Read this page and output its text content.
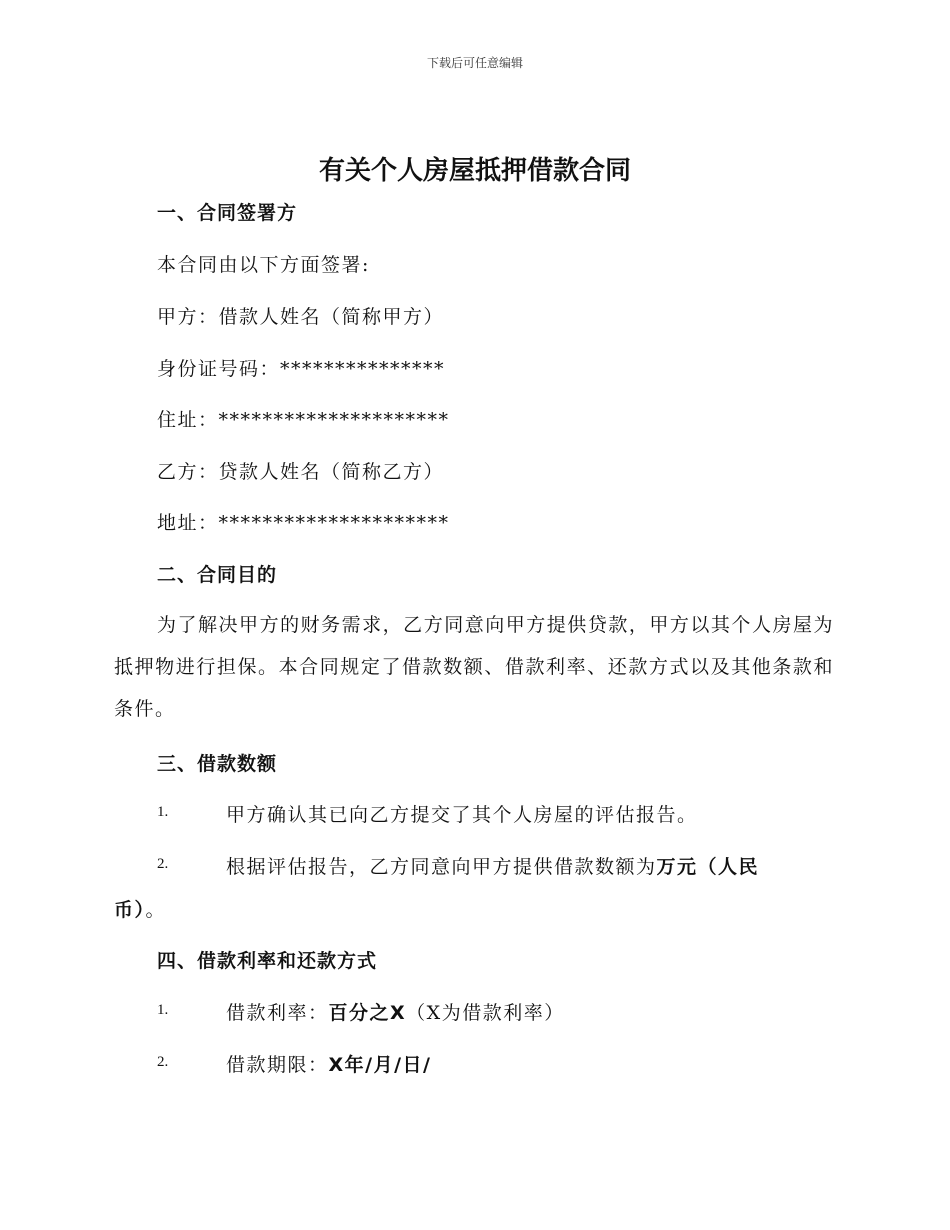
下载后可任意编辑
有关个人房屋抵押借款合同
一、合同签署方
本合同由以下方面签署:
甲方：借款人姓名（简称甲方）
身份证号码：***************
住址：*********************
乙方：贷款人姓名（简称乙方）
地址：*********************
二、合同目的

为了解决甲方的财务需求，乙方同意向甲方提供贷款，甲方以其个人房屋为抵押物进行担保。本合同规定了借款数额、借款利率、还款方式以及其他条款和条件。

三、借款数额
1.	甲方确认其已向乙方提交了其个人房屋的评估报告。
2.	根据评估报告，乙方同意向甲方提供借款数额为万元（人民
币）。
四、借款利率和还款方式
1.	借款利率：百分之X（X为借款利率）
2.	借款期限：X年/月/日/
